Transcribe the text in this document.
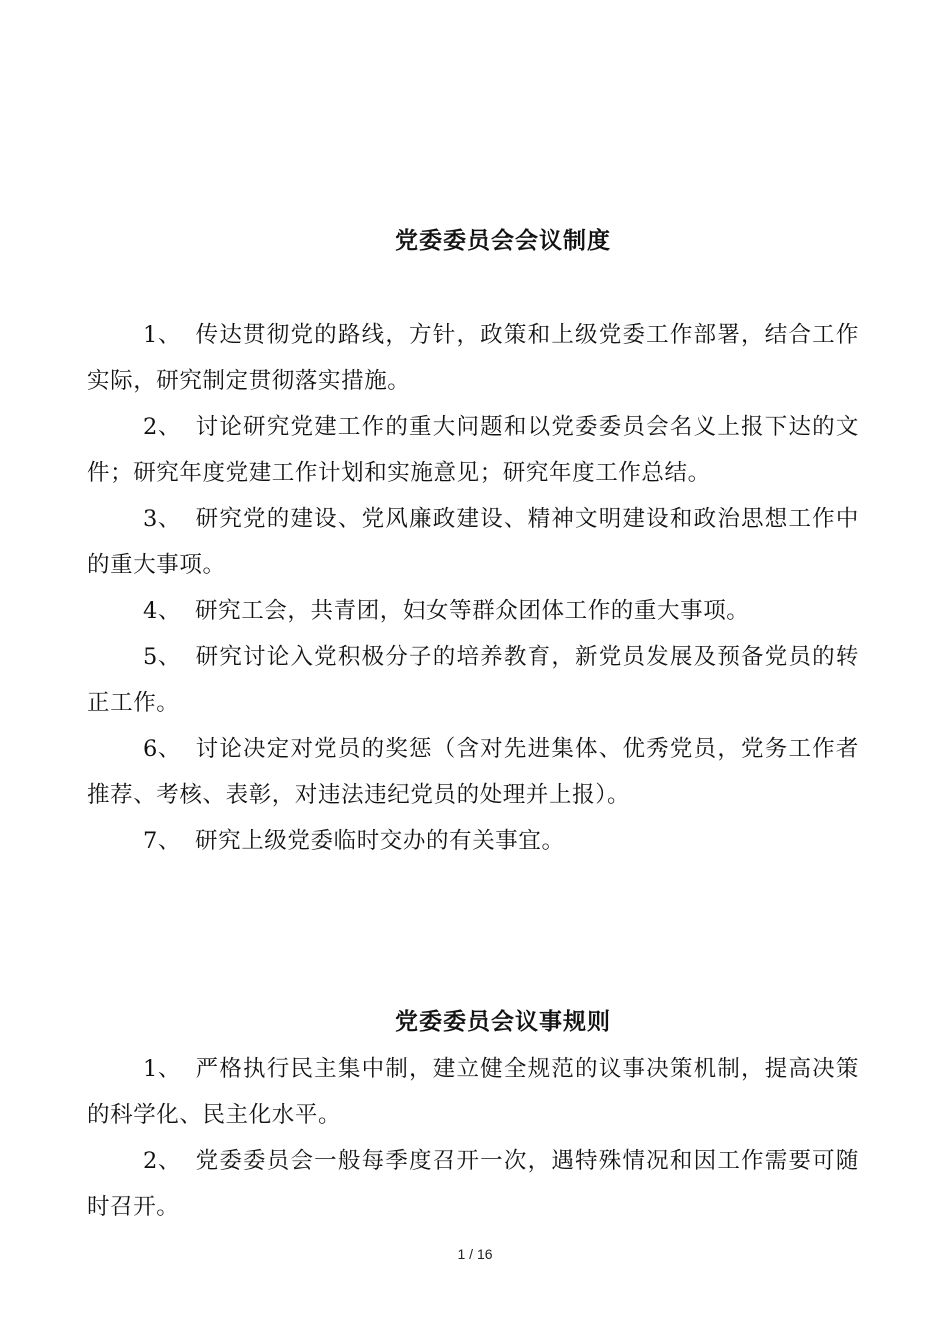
党委委员会会议制度

1、 传达贯彻党的路线，方针，政策和上级党委工作部署，结合工作实际，研究制定贯彻落实措施。

2、 讨论研究党建工作的重大问题和以党委委员会名义上报下达的文件；研究年度党建工作计划和实施意见；研究年度工作总结。

3、 研究党的建设、党风廉政建设、精神文明建设和政治思想工作中的重大事项。

4、 研究工会，共青团，妇女等群众团体工作的重大事项。

5、 研究讨论入党积极分子的培养教育，新党员发展及预备党员的转正工作。

6、 讨论决定对党员的奖惩（含对先进集体、优秀党员，党务工作者推荐、考核、表彰，对违法违纪党员的处理并上报）。

7、 研究上级党委临时交办的有关事宜。

党委委员会议事规则

1、 严格执行民主集中制，建立健全规范的议事决策机制，提高决策的科学化、民主化水平。

2、 党委委员会一般每季度召开一次，遇特殊情况和因工作需要可随时召开。

1 / 16
